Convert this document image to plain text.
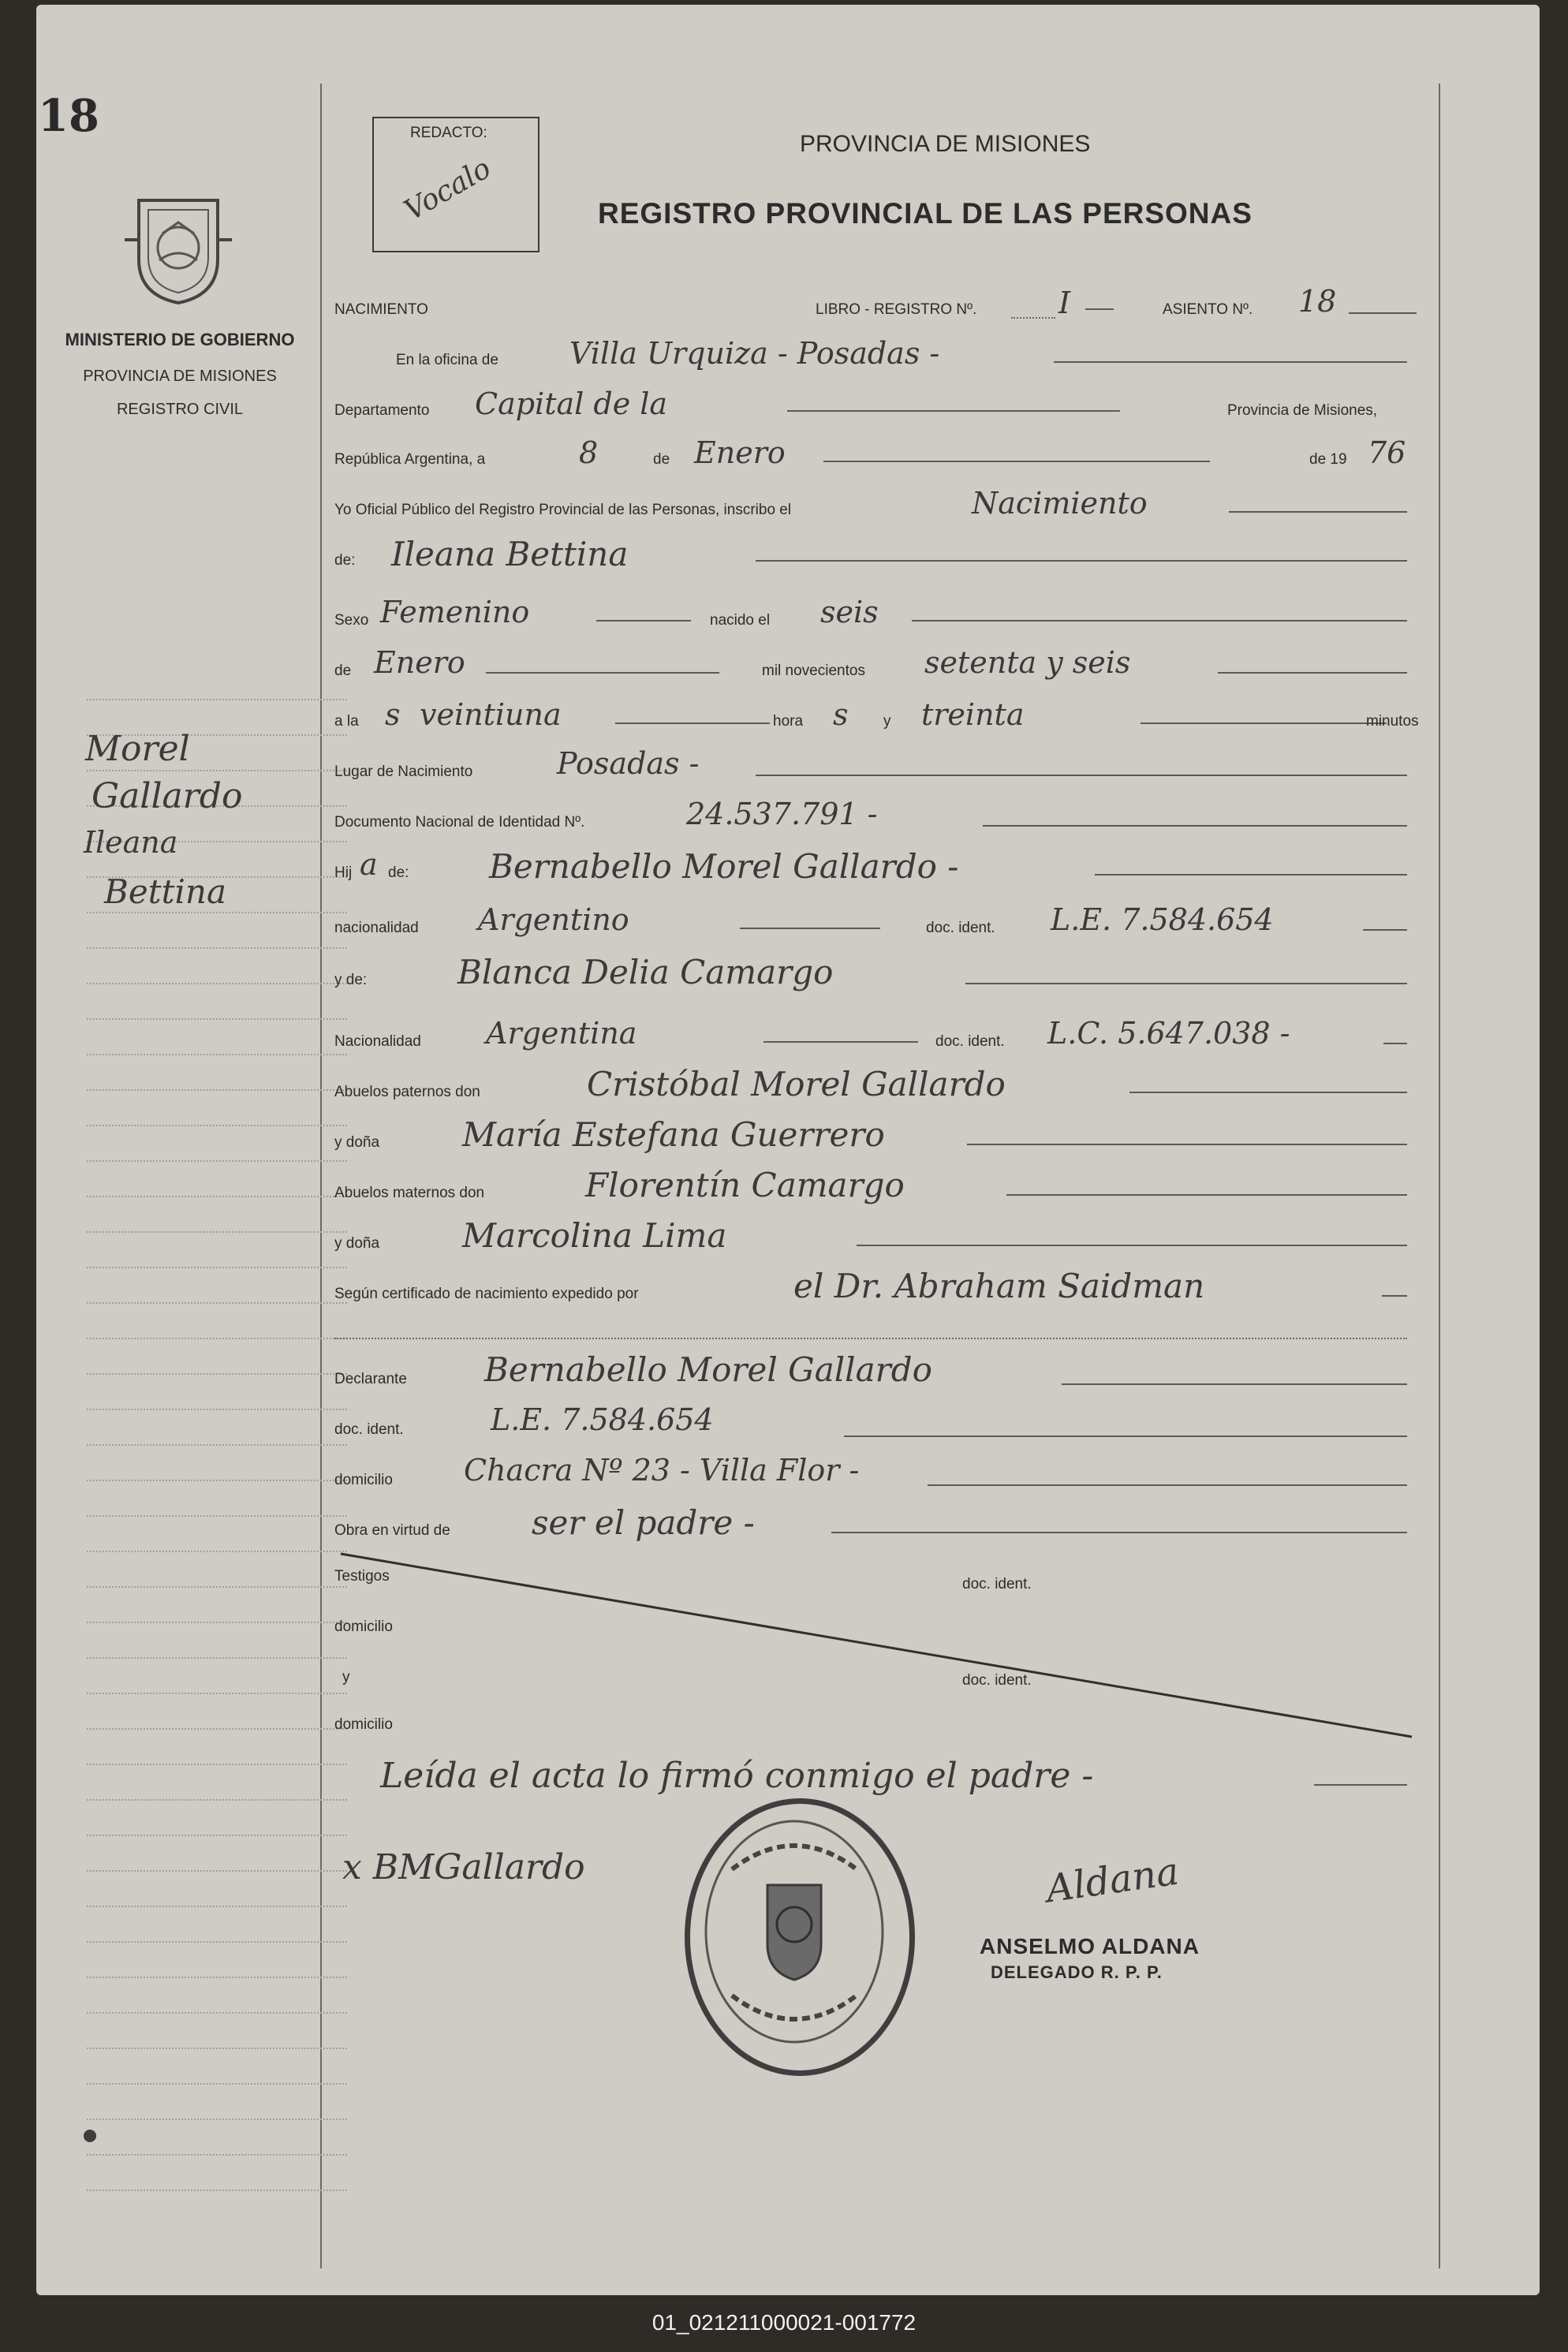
18
MINISTERIO DE GOBIERNO
PROVINCIA DE MISIONES
REGISTRO CIVIL
Morel
Gallardo
Ileana
Bettina
REDACTO:
Vocalo
PROVINCIA DE MISIONES
REGISTRO PROVINCIAL DE LAS PERSONAS
NACIMIENTO	LIBRO - REGISTRO Nº.	I	ASIENTO Nº. 18
En la oficina de Villa Urquiza - Posadas -
Departamento Capital de la	Provincia de Misiones,
República Argentina, a	8	de Enero	de 19 76
Yo Oficial Público del Registro Provincial de las Personas, inscribo el	Nacimiento
de: Ileana Bettina
Sexo Femenino	nacido el seis
de Enero	mil novecientos setenta y seis
a la s veintiuna	hora s y treinta	minutos
Lugar de Nacimiento	Posadas -
Documento Nacional de Identidad Nº.	24.537.791 -
Hij a de: Bernabello Morel Gallardo -
nacionalidad Argentino	doc. ident. L.E. 7.584.654
y de:	Blanca Delia Camargo
Nacionalidad Argentina	doc. ident. L.C. 5.647.038 -
Abuelos paternos don	Cristóbal Morel Gallardo
y doña María Estefana Guerrero
Abuelos maternos don	Florentín Camargo
y doña Marcolina Lima
Según certificado de nacimiento expedido por	el Dr. Abraham Saidman
Declarante Bernabello Morel Gallardo
doc. ident.	L.E. 7.584.654
domicilio Chacra Nº 23 - Villa Flor -
Obra en virtud de ser el padre -
Testigos	doc. ident.
domicilio
y	doc. ident.
domicilio
Leída el acta lo firmó conmigo el padre -
x BMGallardo	Aldana
ANSELMO ALDANA
DELEGADO R. P. P.
01_021211000021-001772
